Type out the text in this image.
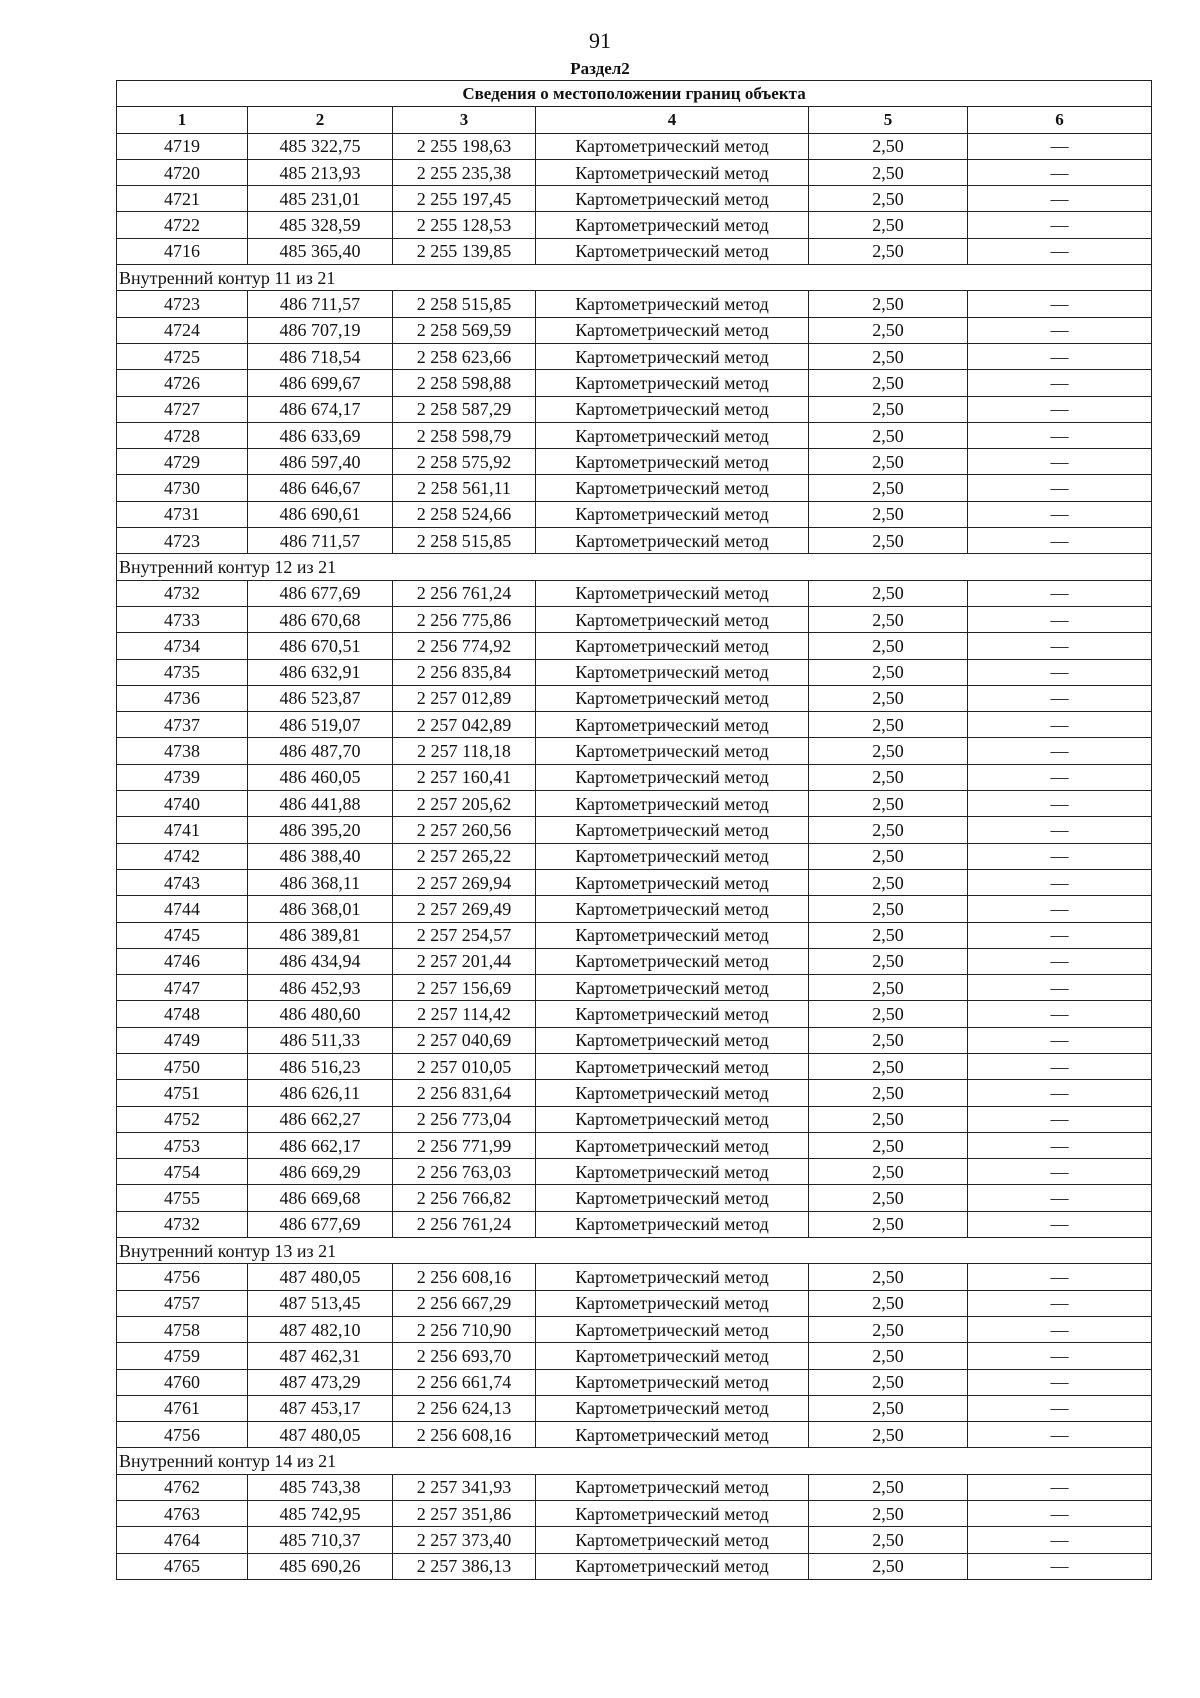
91
Раздел2
Сведения о местоположении границ объекта					
1	2	3	4	5	6
4719	485 322,75	2 255 198,63	Картометрический метод	2,50	—
4720	485 213,93	2 255 235,38	Картометрический метод	2,50	—
4721	485 231,01	2 255 197,45	Картометрический метод	2,50	—
4722	485 328,59	2 255 128,53	Картометрический метод	2,50	—
4716	485 365,40	2 255 139,85	Картометрический метод	2,50	—
Внутренний контур 11 из 21					
4723	486 711,57	2 258 515,85	Картометрический метод	2,50	—
4724	486 707,19	2 258 569,59	Картометрический метод	2,50	—
4725	486 718,54	2 258 623,66	Картометрический метод	2,50	—
4726	486 699,67	2 258 598,88	Картометрический метод	2,50	—
4727	486 674,17	2 258 587,29	Картометрический метод	2,50	—
4728	486 633,69	2 258 598,79	Картометрический метод	2,50	—
4729	486 597,40	2 258 575,92	Картометрический метод	2,50	—
4730	486 646,67	2 258 561,11	Картометрический метод	2,50	—
4731	486 690,61	2 258 524,66	Картометрический метод	2,50	—
4723	486 711,57	2 258 515,85	Картометрический метод	2,50	—
Внутренний контур 12 из 21					
4732	486 677,69	2 256 761,24	Картометрический метод	2,50	—
4733	486 670,68	2 256 775,86	Картометрический метод	2,50	—
4734	486 670,51	2 256 774,92	Картометрический метод	2,50	—
4735	486 632,91	2 256 835,84	Картометрический метод	2,50	—
4736	486 523,87	2 257 012,89	Картометрический метод	2,50	—
4737	486 519,07	2 257 042,89	Картометрический метод	2,50	—
4738	486 487,70	2 257 118,18	Картометрический метод	2,50	—
4739	486 460,05	2 257 160,41	Картометрический метод	2,50	—
4740	486 441,88	2 257 205,62	Картометрический метод	2,50	—
4741	486 395,20	2 257 260,56	Картометрический метод	2,50	—
4742	486 388,40	2 257 265,22	Картометрический метод	2,50	—
4743	486 368,11	2 257 269,94	Картометрический метод	2,50	—
4744	486 368,01	2 257 269,49	Картометрический метод	2,50	—
4745	486 389,81	2 257 254,57	Картометрический метод	2,50	—
4746	486 434,94	2 257 201,44	Картометрический метод	2,50	—
4747	486 452,93	2 257 156,69	Картометрический метод	2,50	—
4748	486 480,60	2 257 114,42	Картометрический метод	2,50	—
4749	486 511,33	2 257 040,69	Картометрический метод	2,50	—
4750	486 516,23	2 257 010,05	Картометрический метод	2,50	—
4751	486 626,11	2 256 831,64	Картометрический метод	2,50	—
4752	486 662,27	2 256 773,04	Картометрический метод	2,50	—
4753	486 662,17	2 256 771,99	Картометрический метод	2,50	—
4754	486 669,29	2 256 763,03	Картометрический метод	2,50	—
4755	486 669,68	2 256 766,82	Картометрический метод	2,50	—
4732	486 677,69	2 256 761,24	Картометрический метод	2,50	—
Внутренний контур 13 из 21					
4756	487 480,05	2 256 608,16	Картометрический метод	2,50	—
4757	487 513,45	2 256 667,29	Картометрический метод	2,50	—
4758	487 482,10	2 256 710,90	Картометрический метод	2,50	—
4759	487 462,31	2 256 693,70	Картометрический метод	2,50	—
4760	487 473,29	2 256 661,74	Картометрический метод	2,50	—
4761	487 453,17	2 256 624,13	Картометрический метод	2,50	—
4756	487 480,05	2 256 608,16	Картометрический метод	2,50	—
Внутренний контур 14 из 21					
4762	485 743,38	2 257 341,93	Картометрический метод	2,50	—
4763	485 742,95	2 257 351,86	Картометрический метод	2,50	—
4764	485 710,37	2 257 373,40	Картометрический метод	2,50	—
4765	485 690,26	2 257 386,13	Картометрический метод	2,50	—
